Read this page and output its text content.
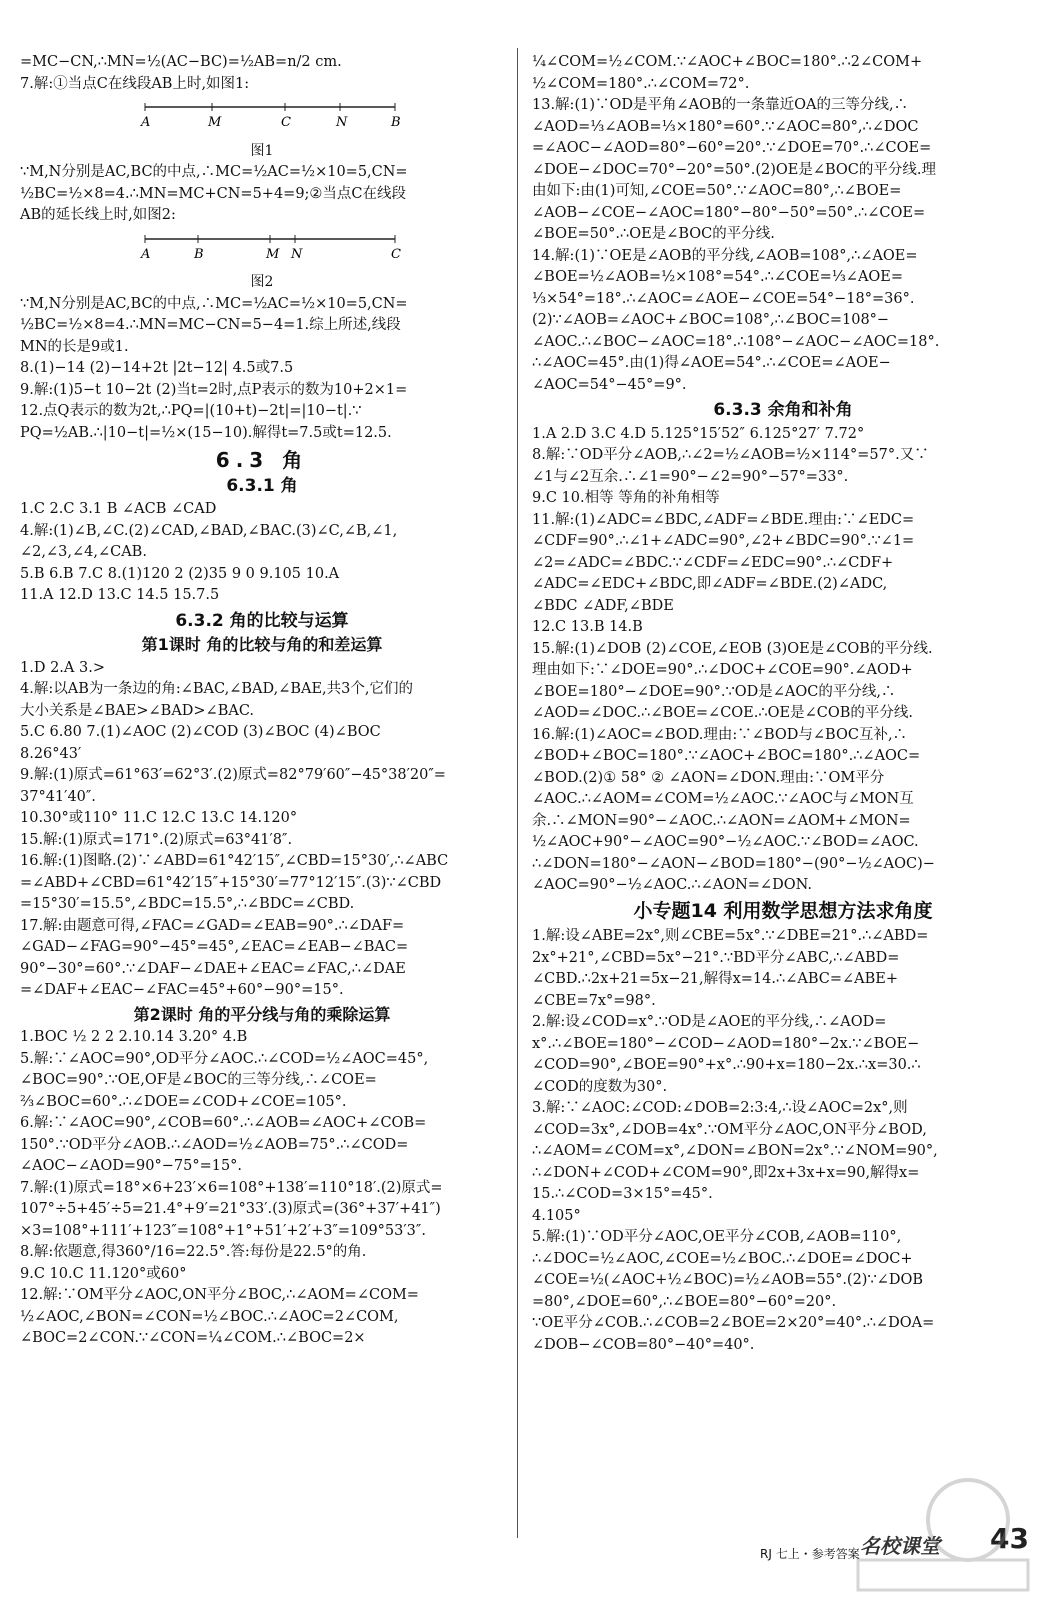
=MC−CN,∴MN=½(AC−BC)=½AB=n/2 cm.
7.解:①当点C在线段AB上时,如图1:
A	M	C	N	B
图1
∵M,N分别是AC,BC的中点,∴MC=½AC=½×10=5,CN=
½BC=½×8=4.∴MN=MC+CN=5+4=9;②当点C在线段
AB的延长线上时,如图2:
A	B	M N	C
图2
∵M,N分别是AC,BC的中点,∴MC=½AC=½×10=5,CN=
½BC=½×8=4.∴MN=MC−CN=5−4=1.综上所述,线段
MN的长是9或1.
8.(1)−14 (2)−14+2t |2t−12| 4.5或7.5
9.解:(1)5−t 10−2t (2)当t=2时,点P表示的数为10+2×1=
12.点Q表示的数为2t,∴PQ=|(10+t)−2t|=|10−t|.∵
PQ=½AB.∴|10−t|=½×(15−10).解得t=7.5或t=12.5.
6.3 角
6.3.1 角
1.C 2.C 3.1 B ∠ACB ∠CAD
4.解:(1)∠B,∠C.(2)∠CAD,∠BAD,∠BAC.(3)∠C,∠B,∠1,
∠2,∠3,∠4,∠CAB.
5.B 6.B 7.C 8.(1)120 2 (2)35 9 0 9.105 10.A
11.A 12.D 13.C 14.5 15.7.5
6.3.2 角的比较与运算
第1课时 角的比较与角的和差运算
1.D 2.A 3.>
4.解:以AB为一条边的角:∠BAC,∠BAD,∠BAE,共3个,它们的
大小关系是∠BAE>∠BAD>∠BAC.
5.C 6.80 7.(1)∠AOC (2)∠COD (3)∠BOC (4)∠BOC
8.26°43′
9.解:(1)原式=61°63′=62°3′.(2)原式=82°79′60″−45°38′20″=
37°41′40″.
10.30°或110° 11.C 12.C 13.C 14.120°
15.解:(1)原式=171°.(2)原式=63°41′8″.
16.解:(1)图略.(2)∵∠ABD=61°42′15″,∠CBD=15°30′,∴∠ABC
=∠ABD+∠CBD=61°42′15″+15°30′=77°12′15″.(3)∵∠CBD
=15°30′=15.5°,∠BDC=15.5°,∴∠BDC=∠CBD.
17.解:由题意可得,∠FAC=∠GAD=∠EAB=90°.∴∠DAF=
∠GAD−∠FAG=90°−45°=45°,∠EAC=∠EAB−∠BAC=
90°−30°=60°.∵∠DAF−∠DAE+∠EAC=∠FAC,∴∠DAE
=∠DAF+∠EAC−∠FAC=45°+60°−90°=15°.
第2课时 角的平分线与角的乘除运算
1.BOC ½ 2 2 2.10.14 3.20° 4.B
5.解:∵∠AOC=90°,OD平分∠AOC.∴∠COD=½∠AOC=45°,
∠BOC=90°.∵OE,OF是∠BOC的三等分线,∴∠COE=
⅔∠BOC=60°.∴∠DOE=∠COD+∠COE=105°.
6.解:∵∠AOC=90°,∠COB=60°.∴∠AOB=∠AOC+∠COB=
150°.∵OD平分∠AOB.∴∠AOD=½∠AOB=75°.∴∠COD=
∠AOC−∠AOD=90°−75°=15°.
7.解:(1)原式=18°×6+23′×6=108°+138′=110°18′.(2)原式=
107°÷5+45′÷5=21.4°+9′=21°33′.(3)原式=(36°+37′+41″)
×3=108°+111′+123″=108°+1°+51′+2′+3″=109°53′3″.
8.解:依题意,得360°/16=22.5°.答:每份是22.5°的角.
9.C 10.C 11.120°或60°
12.解:∵OM平分∠AOC,ON平分∠BOC,∴∠AOM=∠COM=
½∠AOC,∠BON=∠CON=½∠BOC.∴∠AOC=2∠COM,
∠BOC=2∠CON.∵∠CON=¼∠COM.∴∠BOC=2×
¼∠COM=½∠COM.∵∠AOC+∠BOC=180°.∴2∠COM+
½∠COM=180°.∴∠COM=72°.
13.解:(1)∵OD是平角∠AOB的一条靠近OA的三等分线,∴
∠AOD=⅓∠AOB=⅓×180°=60°.∵∠AOC=80°,∴∠DOC
=∠AOC−∠AOD=80°−60°=20°.∵∠DOE=70°.∴∠COE=
∠DOE−∠DOC=70°−20°=50°.(2)OE是∠BOC的平分线.理
由如下:由(1)可知,∠COE=50°.∵∠AOC=80°,∴∠BOE=
∠AOB−∠COE−∠AOC=180°−80°−50°=50°.∴∠COE=
∠BOE=50°.∴OE是∠BOC的平分线.
14.解:(1)∵OE是∠AOB的平分线,∠AOB=108°,∴∠AOE=
∠BOE=½∠AOB=½×108°=54°.∴∠COE=⅓∠AOE=
⅓×54°=18°.∴∠AOC=∠AOE−∠COE=54°−18°=36°.
(2)∵∠AOB=∠AOC+∠BOC=108°,∴∠BOC=108°−
∠AOC.∴∠BOC−∠AOC=18°.∴108°−∠AOC−∠AOC=18°.
∴∠AOC=45°.由(1)得∠AOE=54°.∴∠COE=∠AOE−
∠AOC=54°−45°=9°.
6.3.3 余角和补角
1.A 2.D 3.C 4.D 5.125°15′52″ 6.125°27′ 7.72°
8.解:∵OD平分∠AOB,∴∠2=½∠AOB=½×114°=57°.又∵
∠1与∠2互余.∴∠1=90°−∠2=90°−57°=33°.
9.C 10.相等 等角的补角相等
11.解:(1)∠ADC=∠BDC,∠ADF=∠BDE.理由:∵∠EDC=
∠CDF=90°.∴∠1+∠ADC=90°,∠2+∠BDC=90°.∵∠1=
∠2=∠ADC=∠BDC.∵∠CDF=∠EDC=90°.∴∠CDF+
∠ADC=∠EDC+∠BDC,即∠ADF=∠BDE.(2)∠ADC,
∠BDC ∠ADF,∠BDE
12.C 13.B 14.B
15.解:(1)∠DOB (2)∠COE,∠EOB (3)OE是∠COB的平分线.
理由如下:∵∠DOE=90°.∴∠DOC+∠COE=90°.∠AOD+
∠BOE=180°−∠DOE=90°.∵OD是∠AOC的平分线,∴
∠AOD=∠DOC.∴∠BOE=∠COE.∴OE是∠COB的平分线.
16.解:(1)∠AOC=∠BOD.理由:∵∠BOD与∠BOC互补,∴
∠BOD+∠BOC=180°.∵∠AOC+∠BOC=180°.∴∠AOC=
∠BOD.(2)① 58° ② ∠AON=∠DON.理由:∵OM平分
∠AOC.∴∠AOM=∠COM=½∠AOC.∵∠AOC与∠MON互
余.∴∠MON=90°−∠AOC.∴∠AON=∠AOM+∠MON=
½∠AOC+90°−∠AOC=90°−½∠AOC.∵∠BOD=∠AOC.
∴∠DON=180°−∠AON−∠BOD=180°−(90°−½∠AOC)−
∠AOC=90°−½∠AOC.∴∠AON=∠DON.
小专题14 利用数学思想方法求角度
1.解:设∠ABE=2x°,则∠CBE=5x°.∵∠DBE=21°.∴∠ABD=
2x°+21°,∠CBD=5x°−21°.∵BD平分∠ABC,∴∠ABD=
∠CBD.∴2x+21=5x−21,解得x=14.∴∠ABC=∠ABE+
∠CBE=7x°=98°.
2.解:设∠COD=x°.∵OD是∠AOE的平分线,∴∠AOD=
x°.∴∠BOE=180°−∠COD−∠AOD=180°−2x.∵∠BOE−
∠COD=90°,∠BOE=90°+x°.∴90+x=180−2x.∴x=30.∴
∠COD的度数为30°.
3.解:∵∠AOC:∠COD:∠DOB=2:3:4,∴设∠AOC=2x°,则
∠COD=3x°,∠DOB=4x°.∵OM平分∠AOC,ON平分∠BOD,
∴∠AOM=∠COM=x°,∠DON=∠BON=2x°.∵∠NOM=90°,
∴∠DON+∠COD+∠COM=90°,即2x+3x+x=90,解得x=
15.∴∠COD=3×15°=45°.
4.105°
5.解:(1)∵OD平分∠AOC,OE平分∠COB,∠AOB=110°,
∴∠DOC=½∠AOC,∠COE=½∠BOC.∴∠DOE=∠DOC+
∠COE=½(∠AOC+½∠BOC)=½∠AOB=55°.(2)∵∠DOB
=80°,∠DOE=60°,∴∠BOE=80°−60°=20°.
∵OE平分∠COB.∴∠COB=2∠BOE=2×20°=40°.∴∠DOA=
∠DOB−∠COB=80°−40°=40°.
RJ 七上・参考答案 名校课堂 43
